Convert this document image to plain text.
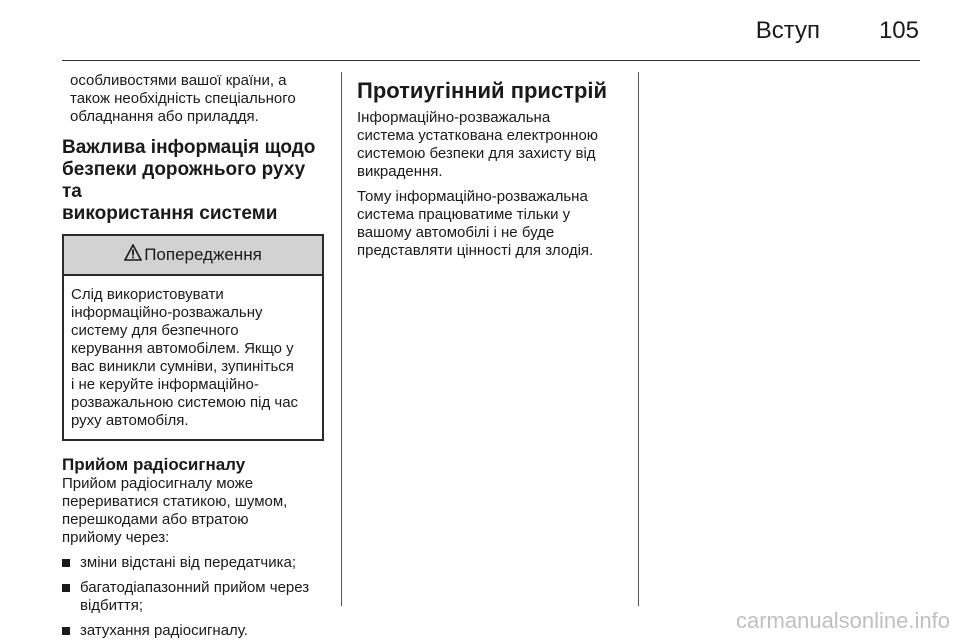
Вступ 105

особливостями вашої країни, а

також необхідність спеціального

обладнання або приладдя.

Важлива інформація щодо
безпеки дорожнього руху та
використання системи
Попередження

Слід використовувати

інформаційно-розважальну

систему для безпечного

керування автомобілем. Якщо у

вас виникли сумніви, зупиніться

і не керуйте інформаційно-

розважальною системою під час

руху автомобіля.

Прийом радіосигналу

Прийом радіосигналу може

перериватися статикою, шумом,

перешкодами або втратою

прийому через:

зміни відстані від передатчика;
багатодіапазонний прийом через
відбиття;
затухання радіосигналу.
Протиугінний пристрій

Інформаційно-розважальна

система устаткована електронною

системою безпеки для захисту від

викрадення.

Тому інформаційно-розважальна

система працюватиме тільки у

вашому автомобілі і не буде

представляти цінності для злодія.

carmanualsonline.info
